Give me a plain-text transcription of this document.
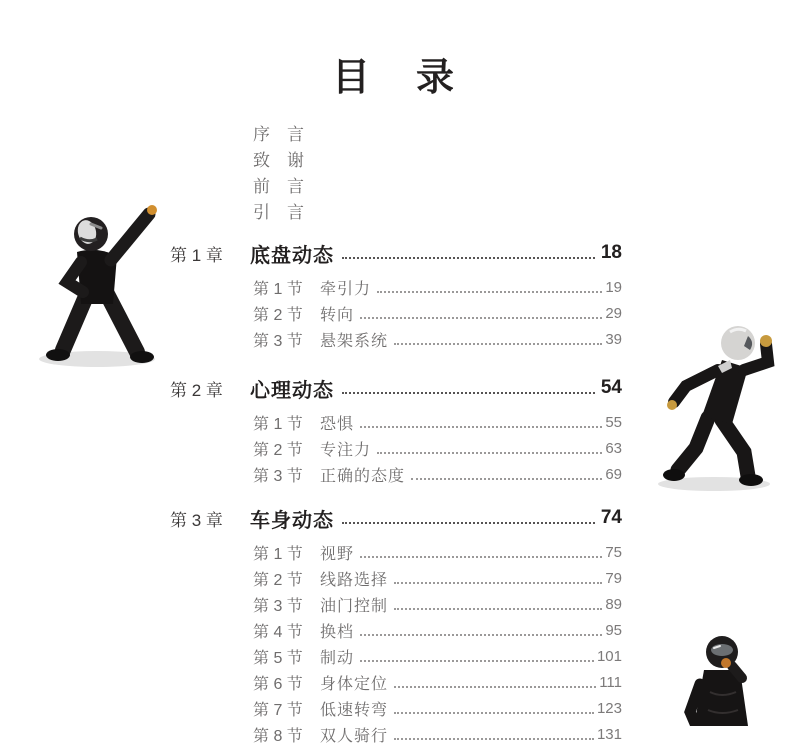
目　录
序　言
致　谢
前　言
引　言
第 1 章	底盘动态	18
第 1 节	牵引力	19
第 2 节	转向	29
第 3 节	悬架系统	39
第 2 章	心理动态	54
第 1 节	恐惧	55
第 2 节	专注力	63
第 3 节	正确的态度	69
第 3 章	车身动态	74
第 1 节	视野	75
第 2 节	线路选择	79
第 3 节	油门控制	89
第 4 节	换档	95
第 5 节	制动	101
第 6 节	身体定位	111
第 7 节	低速转弯	123
第 8 节	双人骑行	131
